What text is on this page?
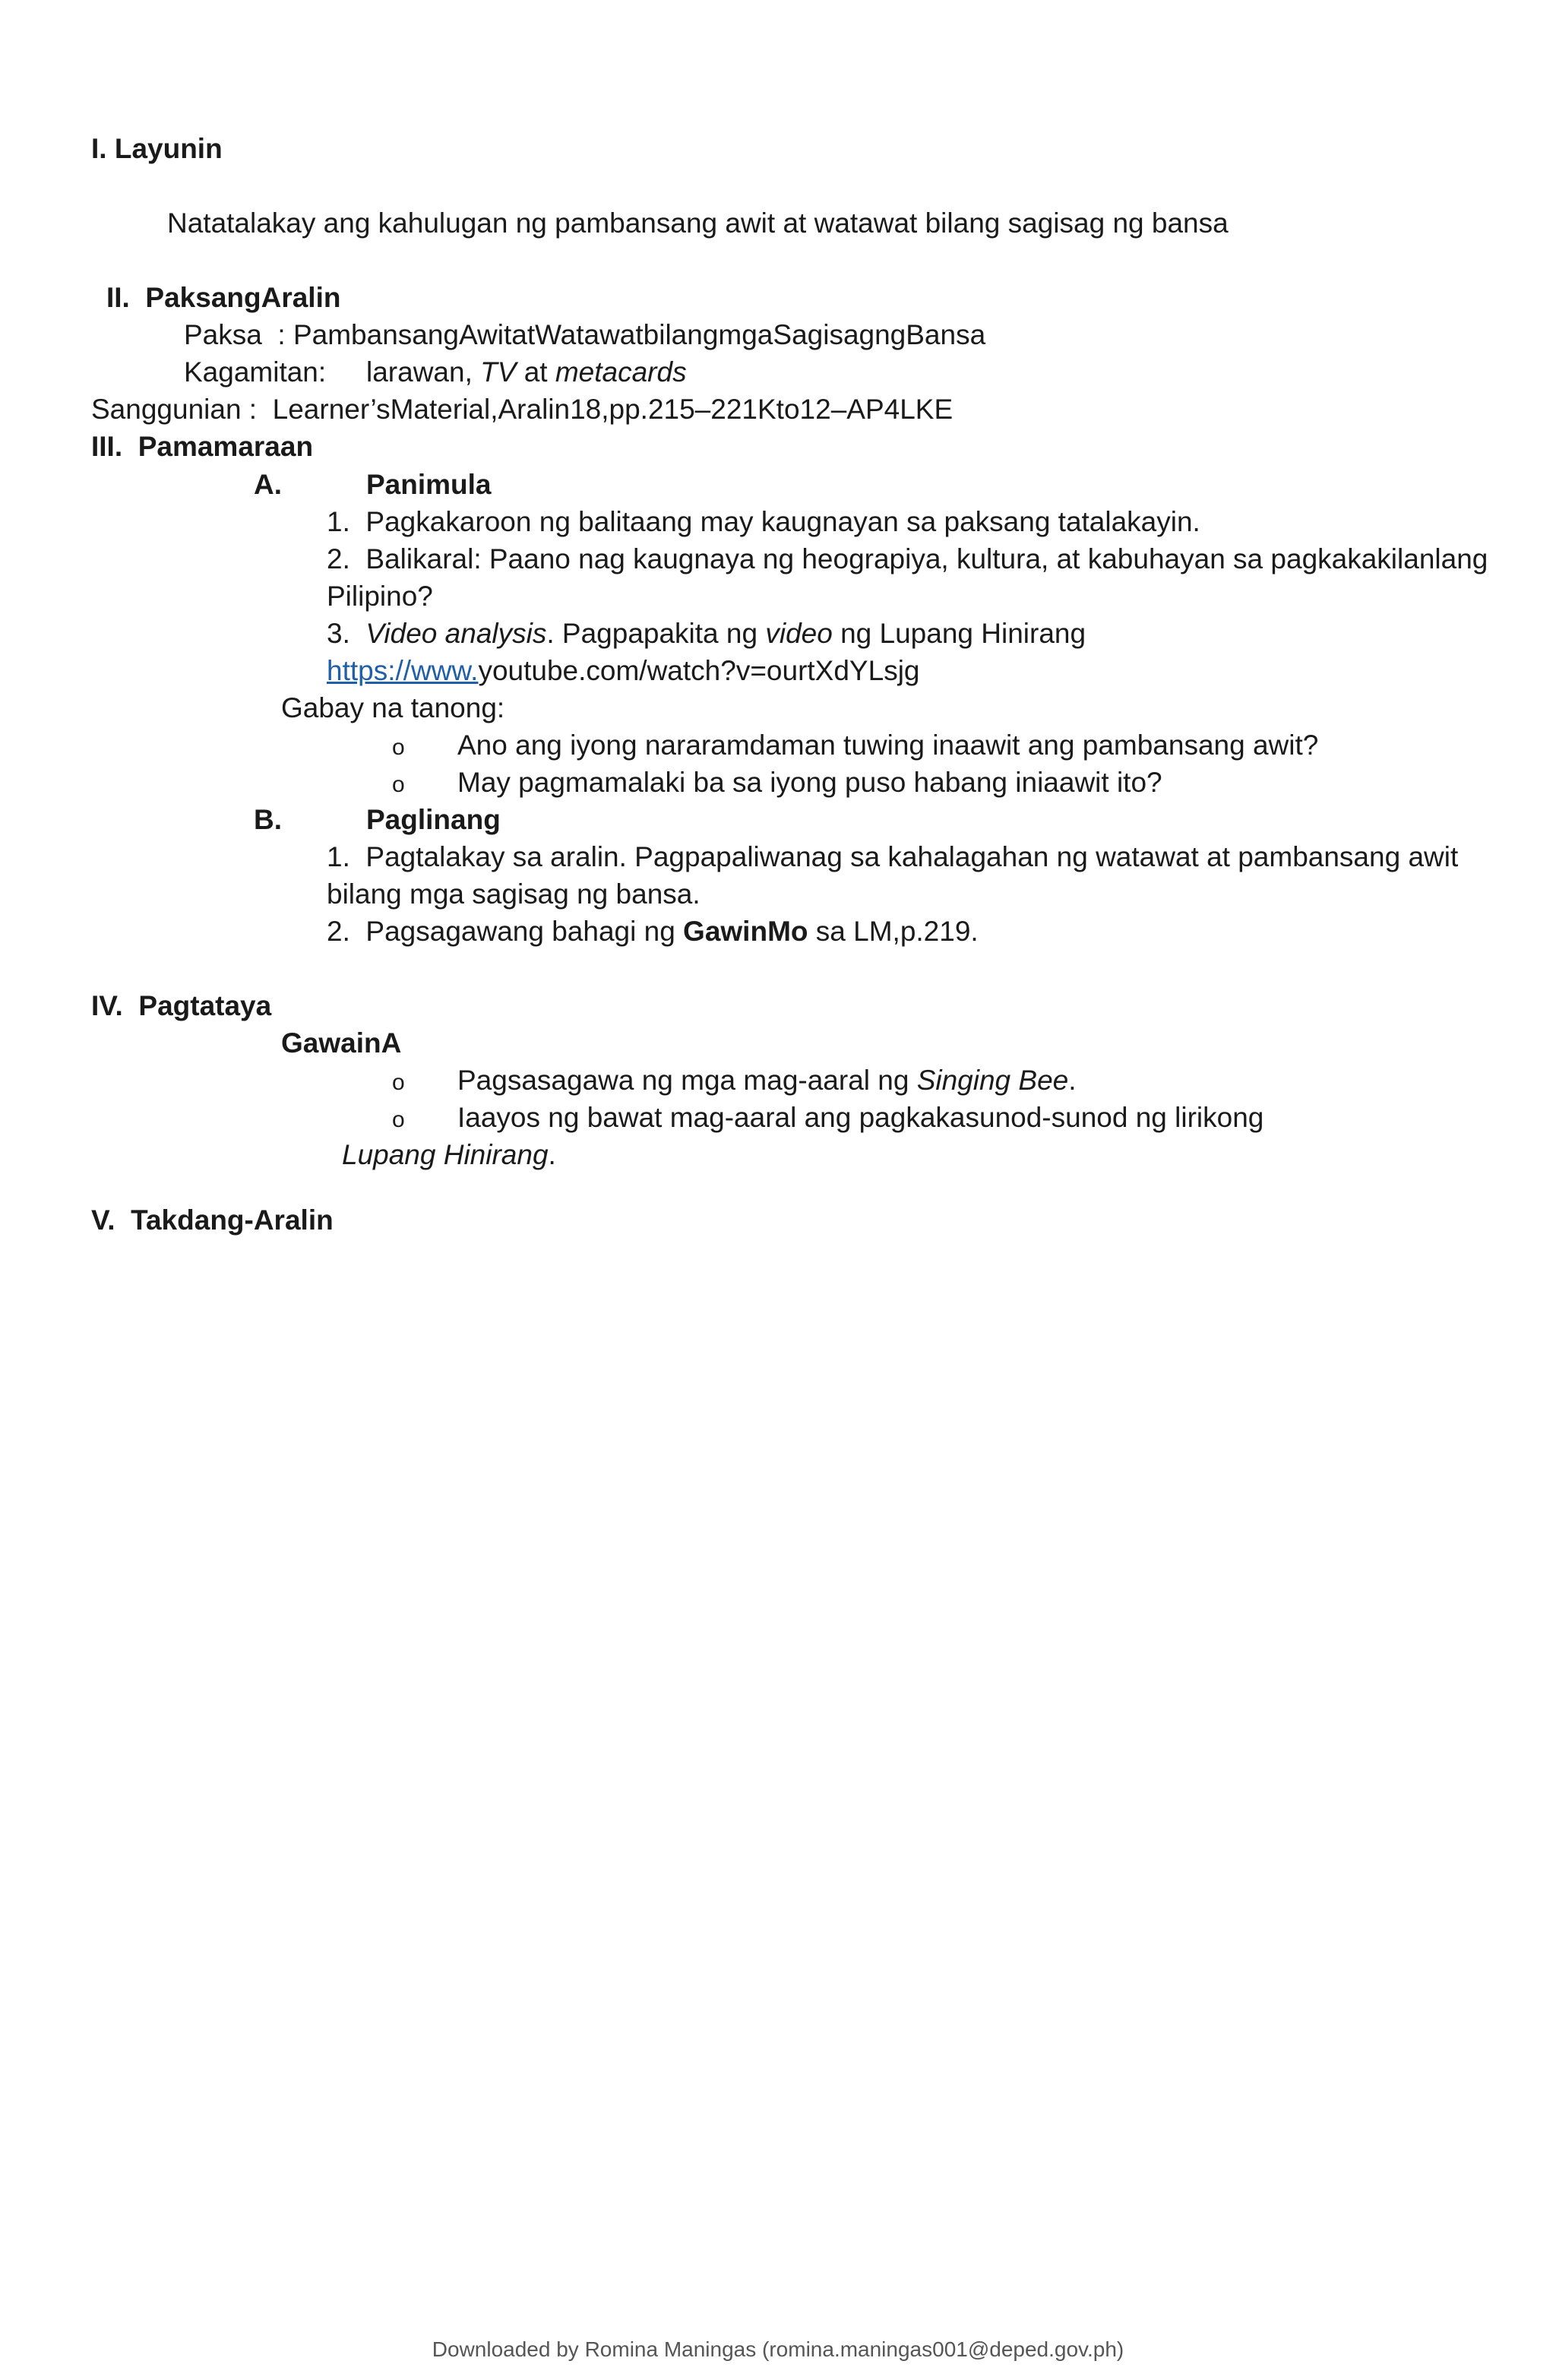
I. Layunin
Natatalakay ang kahulugan ng pambansang awit at watawat bilang sagisag ng bansa
II. PaksangAralin
Paksa : PambansangAwitatWatawatbilangmgaSagisagngBansa
Kagamitan: larawan, TV at metacards
Sanggunian : Learner’sMaterial,Aralin18,pp.215–221Kto12–AP4LKE
III. Pamamaraan
A.	Panimula
1. Pagkakaroon ng balitaang may kaugnayan sa paksang tatalakayin.
2. Balikaral: Paano nag kaugnaya ng heograpiya, kultura, at kabuhayan sa pagkakakilanlang
Pilipino?
3. Video analysis. Pagpapakita ng video ng Lupang Hinirang
https://www.youtube.com/watch?v=ourtXdYLsjg
Gabay na tanong:
o Ano ang iyong nararamdaman tuwing inaawit ang pambansang awit?
o May pagmamalaki ba sa iyong puso habang iniaawit ito?
B.	Paglinang
1. Pagtalakay sa aralin. Pagpapaliwanag sa kahalagahan ng watawat at pambansang awit
bilang mga sagisag ng bansa.
2. Pagsagawang bahagi ng GawinMo sa LM,p.219.
IV. Pagtataya
GawainA
o Pagsasagawa ng mga mag-aaral ng Singing Bee.
o Iaayos ng bawat mag-aaral ang pagkakasunod-sunod ng lirikong
Lupang Hinirang.
V. Takdang-Aralin
Downloaded by Romina Maningas (romina.maningas001@deped.gov.ph)
